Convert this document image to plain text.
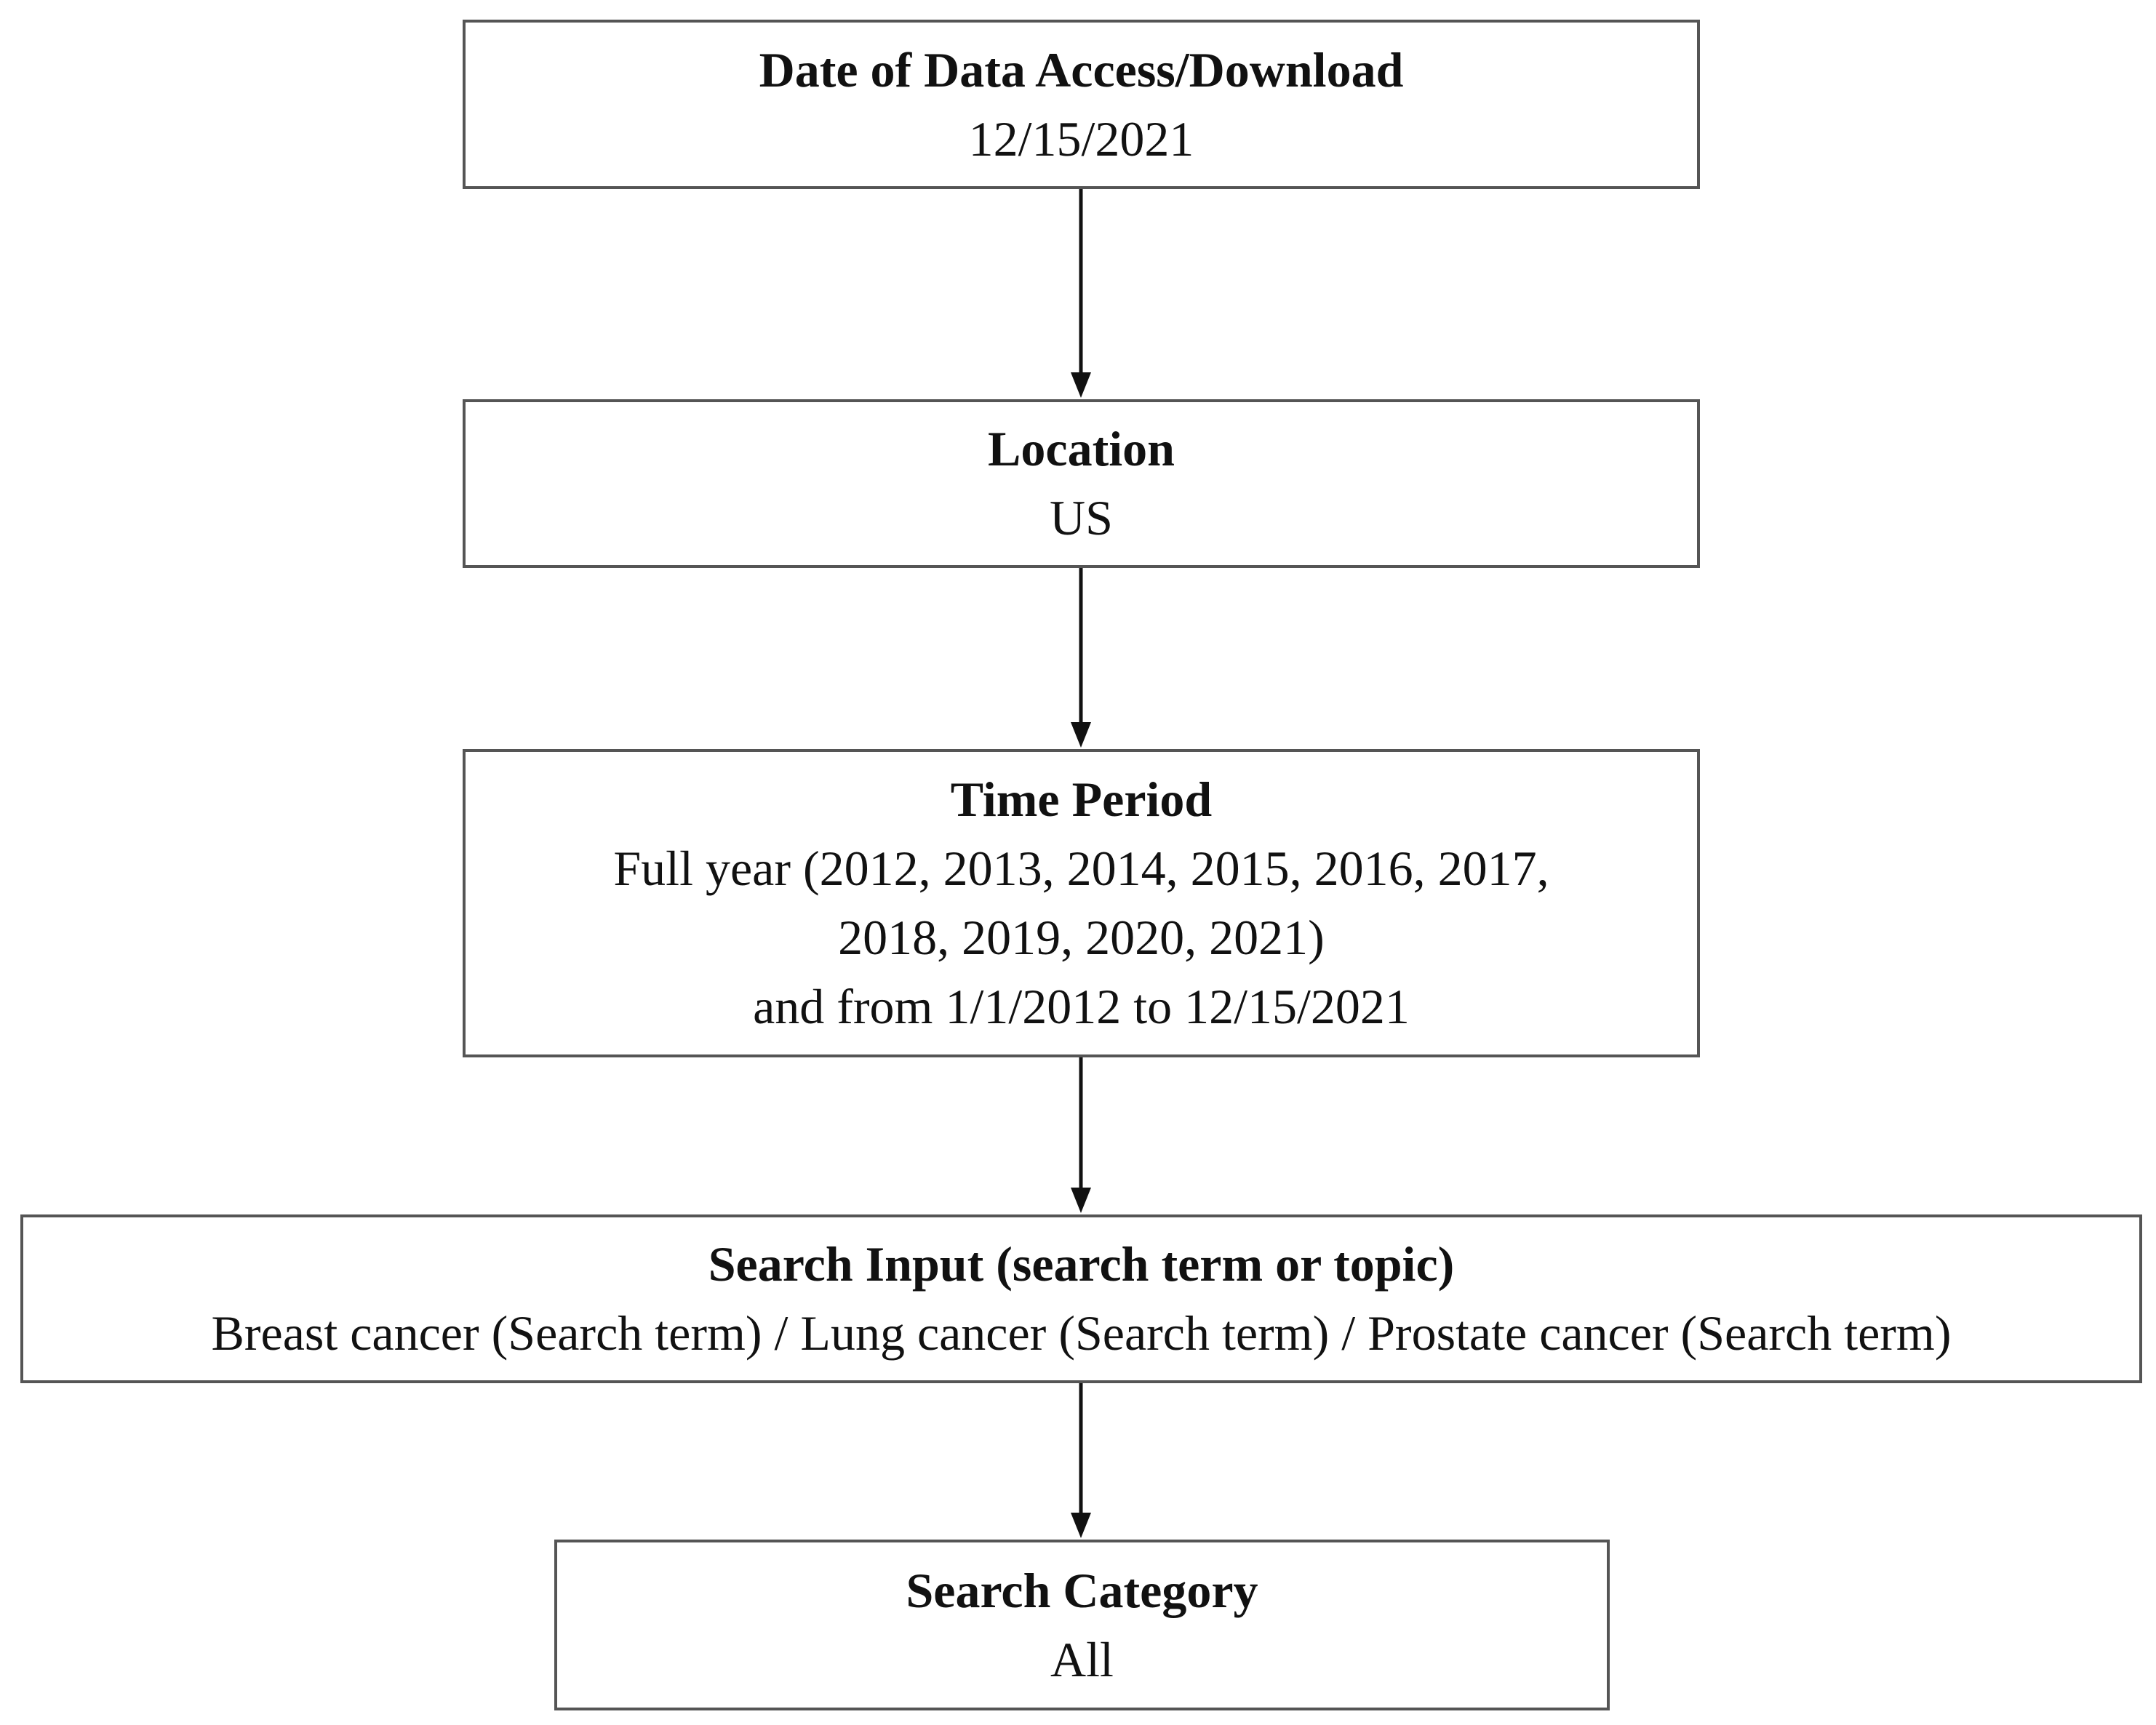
Date of Data Access/Download
12/15/2021
Location
US
Time Period
Full year (2012, 2013, 2014, 2015, 2016, 2017,
2018, 2019, 2020, 2021)
and from 1/1/2012 to 12/15/2021
Search Input (search term or topic)
Breast cancer (Search term) / Lung cancer (Search term) / Prostate cancer (Search term)
Search Category
All
